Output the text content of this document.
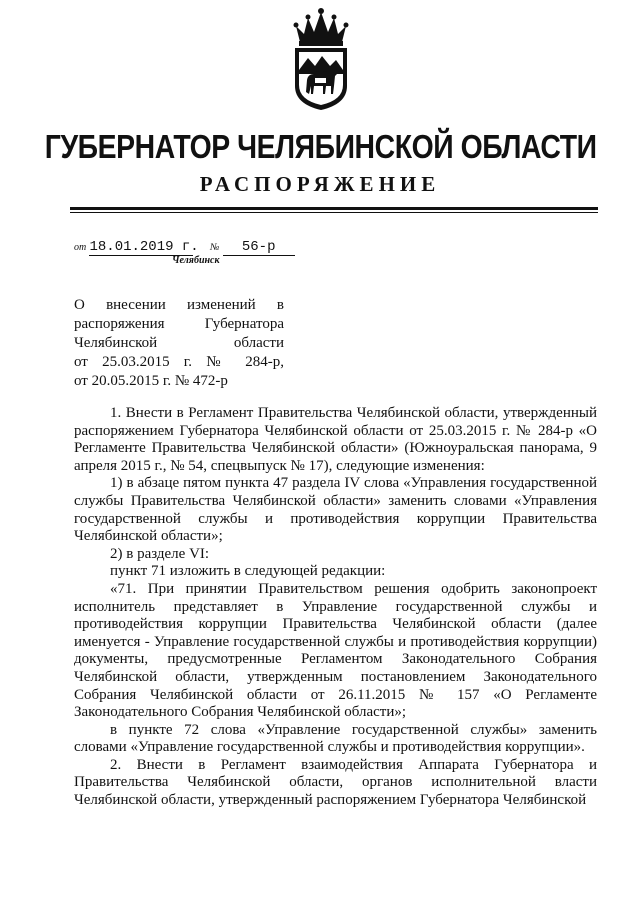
ГУБЕРНАТОР ЧЕЛЯБИНСКОЙ ОБЛАСТИ
РАСПОРЯЖЕНИЕ
от 18.01.2019 г. № 56-р
Челябинск
О внесении изменений в
распоряжения Губернатора
Челябинской области
от 25.03.2015 г. № 284-р,
от 20.05.2015 г. № 472-р

1. Внести в Регламент Правительства Челябинской области, утвержденный распоряжением Губернатора Челябинской области от 25.03.2015 г. № 284-р «О Регламенте Правительства Челябинской области» (Южноуральская панорама, 9 апреля 2015 г., № 54, спецвыпуск № 17), следующие изменения:

1) в абзаце пятом пункта 47 раздела IV слова «Управления государственной службы Правительства Челябинской области» заменить словами «Управления государственной службы и противодействия коррупции Правительства Челябинской области»;

2) в разделе VI:

пункт 71 изложить в следующей редакции:

«71. При принятии Правительством решения одобрить законопроект исполнитель представляет в Управление государственной службы и противодействия коррупции Правительства Челябинской области (далее именуется - Управление государственной службы и противодействия коррупции) документы, предусмотренные Регламентом Законодательного Собрания Челябинской области, утвержденным постановлением Законодательного Собрания Челябинской области от 26.11.2015 № 157 «О Регламенте Законодательного Собрания Челябинской области»;

в пункте 72 слова «Управление государственной службы» заменить словами «Управление государственной службы и противодействия коррупции».

2. Внести в Регламент взаимодействия Аппарата Губернатора и Правительства Челябинской области, органов исполнительной власти Челябинской области, утвержденный распоряжением Губернатора Челябинской
